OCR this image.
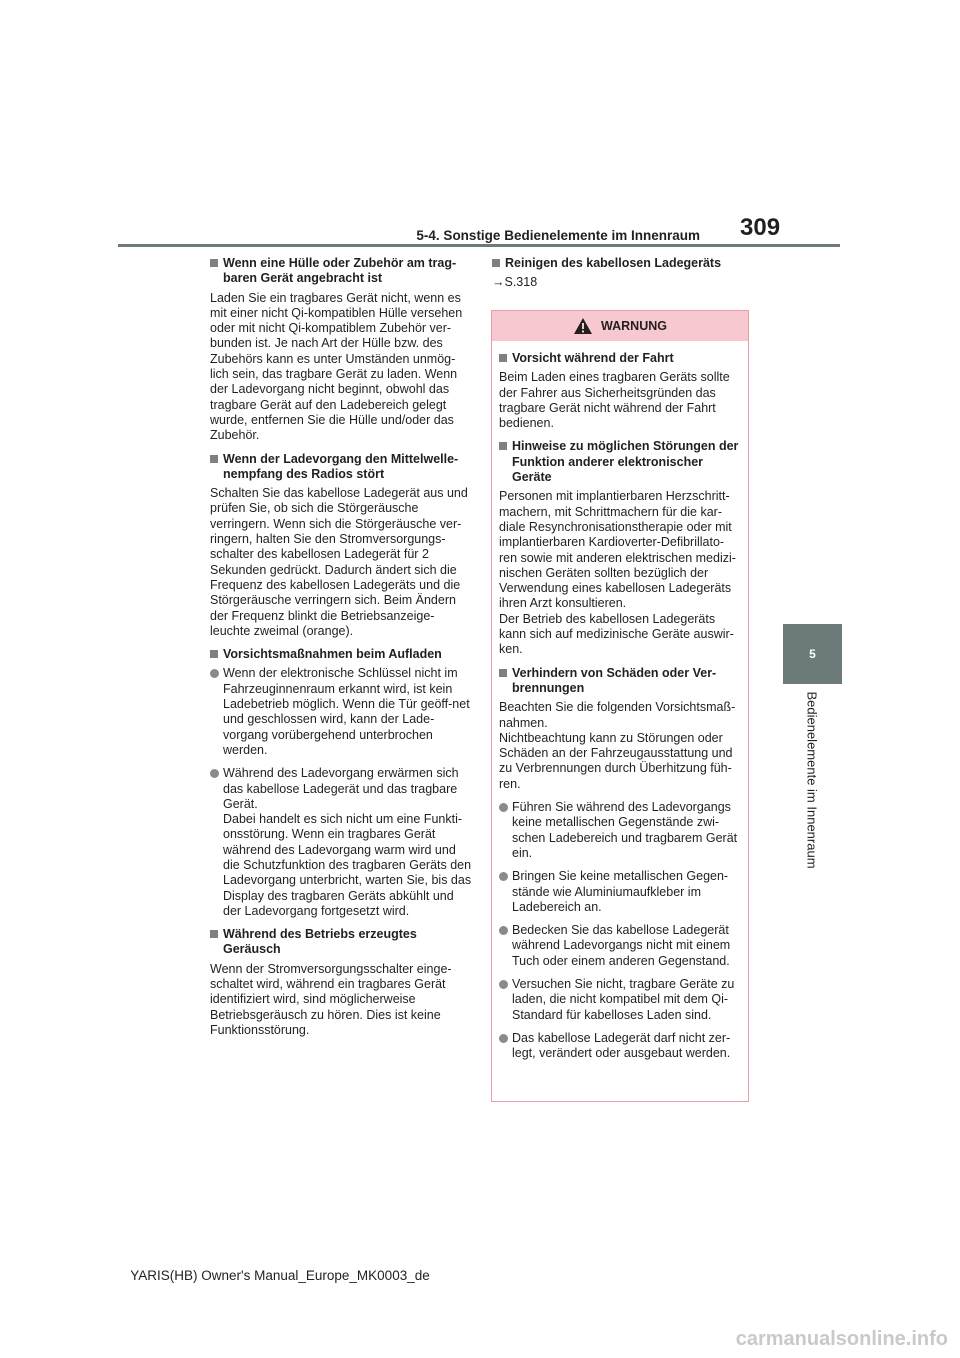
5-4. Sonstige Bedienelemente im Innenraum 309
5
Bedienelemente im Innenraum
Wenn eine Hülle oder Zubehör am trag-baren Gerät angebracht ist

Laden Sie ein tragbares Gerät nicht, wenn es mit einer nicht Qi-kompatiblen Hülle versehen oder mit nicht Qi-kompatiblem Zubehör ver-bunden ist. Je nach Art der Hülle bzw. des Zubehörs kann es unter Umständen unmög-lich sein, das tragbare Gerät zu laden. Wenn der Ladevorgang nicht beginnt, obwohl das tragbare Gerät auf den Ladebereich gelegt wurde, entfernen Sie die Hülle und/oder das Zubehör.

Wenn der Ladevorgang den Mittelwelle-nempfang des Radios stört

Schalten Sie das kabellose Ladegerät aus und prüfen Sie, ob sich die Störgeräusche verringern. Wenn sich die Störgeräusche ver-ringern, halten Sie den Stromversorgungs-schalter des kabellosen Ladegerät für 2 Sekunden gedrückt. Dadurch ändert sich die Frequenz des kabellosen Ladegeräts und die Störgeräusche verringern sich. Beim Ändern der Frequenz blinkt die Betriebsanzeige-leuchte zweimal (orange).

Vorsichtsmaßnahmen beim Aufladen
Wenn der elektronische Schlüssel nicht im Fahrzeuginnenraum erkannt wird, ist kein Ladebetrieb möglich. Wenn die Tür geöff-net und geschlossen wird, kann der Lade-vorgang vorübergehend unterbrochen werden.
Während des Ladevorgang erwärmen sich das kabellose Ladegerät und das tragbare Gerät.
Dabei handelt es sich nicht um eine Funkti-onsstörung. Wenn ein tragbares Gerät während des Ladevorgang warm wird und die Schutzfunktion des tragbaren Geräts den Ladevorgang unterbricht, warten Sie, bis das Display des tragbaren Geräts abkühlt und der Ladevorgang fortgesetzt wird.
Während des Betriebs erzeugtes Geräusch

Wenn der Stromversorgungsschalter einge-schaltet wird, während ein tragbares Gerät identifiziert wird, sind möglicherweise Betriebsgeräusch zu hören. Dies ist keine Funktionsstörung.

Reinigen des kabellosen Ladegeräts

→S.318

WARNUNG
Vorsicht während der Fahrt

Beim Laden eines tragbaren Geräts sollte der Fahrer aus Sicherheitsgründen das tragbare Gerät nicht während der Fahrt bedienen.

Hinweise zu möglichen Störungen der Funktion anderer elektronischer Geräte

Personen mit implantierbaren Herzschritt-machern, mit Schrittmachern für die kar-diale Resynchronisationstherapie oder mit implantierbaren Kardioverter-Defibrillato-ren sowie mit anderen elektrischen medizi-nischen Geräten sollten bezüglich der Verwendung eines kabellosen Ladegeräts ihren Arzt konsultieren.
Der Betrieb des kabellosen Ladegeräts kann sich auf medizinische Geräte auswir-ken.

Verhindern von Schäden oder Ver-brennungen

Beachten Sie die folgenden Vorsichtsmaß-nahmen.
Nichtbeachtung kann zu Störungen oder Schäden an der Fahrzeugausstattung und zu Verbrennungen durch Überhitzung füh-ren.

Führen Sie während des Ladevorgangs keine metallischen Gegenstände zwi-schen Ladebereich und tragbarem Gerät ein.
Bringen Sie keine metallischen Gegen-stände wie Aluminiumaufkleber im Ladebereich an.
Bedecken Sie das kabellose Ladegerät während Ladevorgangs nicht mit einem Tuch oder einem anderen Gegenstand.
Versuchen Sie nicht, tragbare Geräte zu laden, die nicht kompatibel mit dem Qi-Standard für kabelloses Laden sind.
Das kabellose Ladegerät darf nicht zer-legt, verändert oder ausgebaut werden.
YARIS(HB) Owner's Manual_Europe_MK0003_de
carmanualsonline.info
